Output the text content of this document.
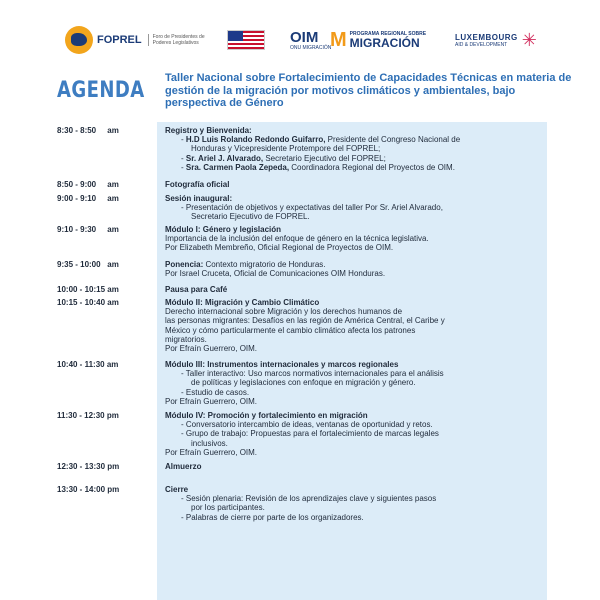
FOPREL	Foro de Presidentes de Poderes Legislativos	OIM
ONU MIGRACIÓN
M PROGRAMA REGIONAL SOBRE
MIGRACIÓN	LUXEMBOURG
AID & DEVELOPMENT ✳
AGENDA Taller Nacional sobre Fortalecimiento de Capacidades Técnicas en materia de gestión de la migración por motivos climáticos y ambientales, bajo perspectiva de Género
8:30 - 8:50     am	Registro y Bienvenida:
- H.D Luis Rolando Redondo Guifarro, Presidente del Congreso Nacional de
Honduras y Vicepresidente Protempore del FOPREL;
- Sr. Ariel J. Alvarado, Secretario Ejecutivo del FOPREL;
- Sra. Carmen Paola Zepeda, Coordinadora Regional del Proyectos de OIM.
8:50 - 9:00     am	Fotografía oficial
9:00 - 9:10     am	Sesión inaugural:
- Presentación de objetivos y expectativas del taller Por Sr. Ariel Alvarado,
Secretario Ejecutivo de FOPREL.
9:10 - 9:30     am	Módulo I: Género y legislación
Importancia de la inclusión del enfoque de género en la técnica legislativa.
Por Elizabeth Membreño, Oficial Regional de Proyectos de OIM.
9:35 - 10:00   am	Ponencia: Contexto migratorio de Honduras.
Por Israel Cruceta, Oficial de Comunicaciones OIM Honduras.
10:00 - 10:15 am	Pausa para Café
10:15 - 10:40 am	Módulo II: Migración y Cambio Climático
Derecho internacional sobre Migración y los derechos humanos de
las personas migrantes: Desafíos en las región de América Central, el Caribe y
México y cómo particularmente el cambio climático afecta los patrones
migratorios.
Por Efraín Guerrero, OIM.
10:40 - 11:30 am	Módulo III: Instrumentos internacionales y marcos regionales
- Taller interactivo: Uso marcos normativos internacionales para el análisis
de políticas y legislaciones con enfoque en migración y género.
- Estudio de casos.
Por Efraín Guerrero, OIM.
11:30 - 12:30 pm	Módulo IV: Promoción y fortalecimiento en migración
- Conversatorio intercambio de ideas, ventanas de oportunidad y retos.
- Grupo de trabajo: Propuestas para el fortalecimiento de marcas legales
inclusivos.
Por Efraín Guerrero, OIM.
12:30 - 13:30 pm	Almuerzo
13:30 - 14:00 pm	Cierre
- Sesión plenaria: Revisión de los aprendizajes clave y siguientes pasos
por los participantes.
- Palabras de cierre por parte de los organizadores.
